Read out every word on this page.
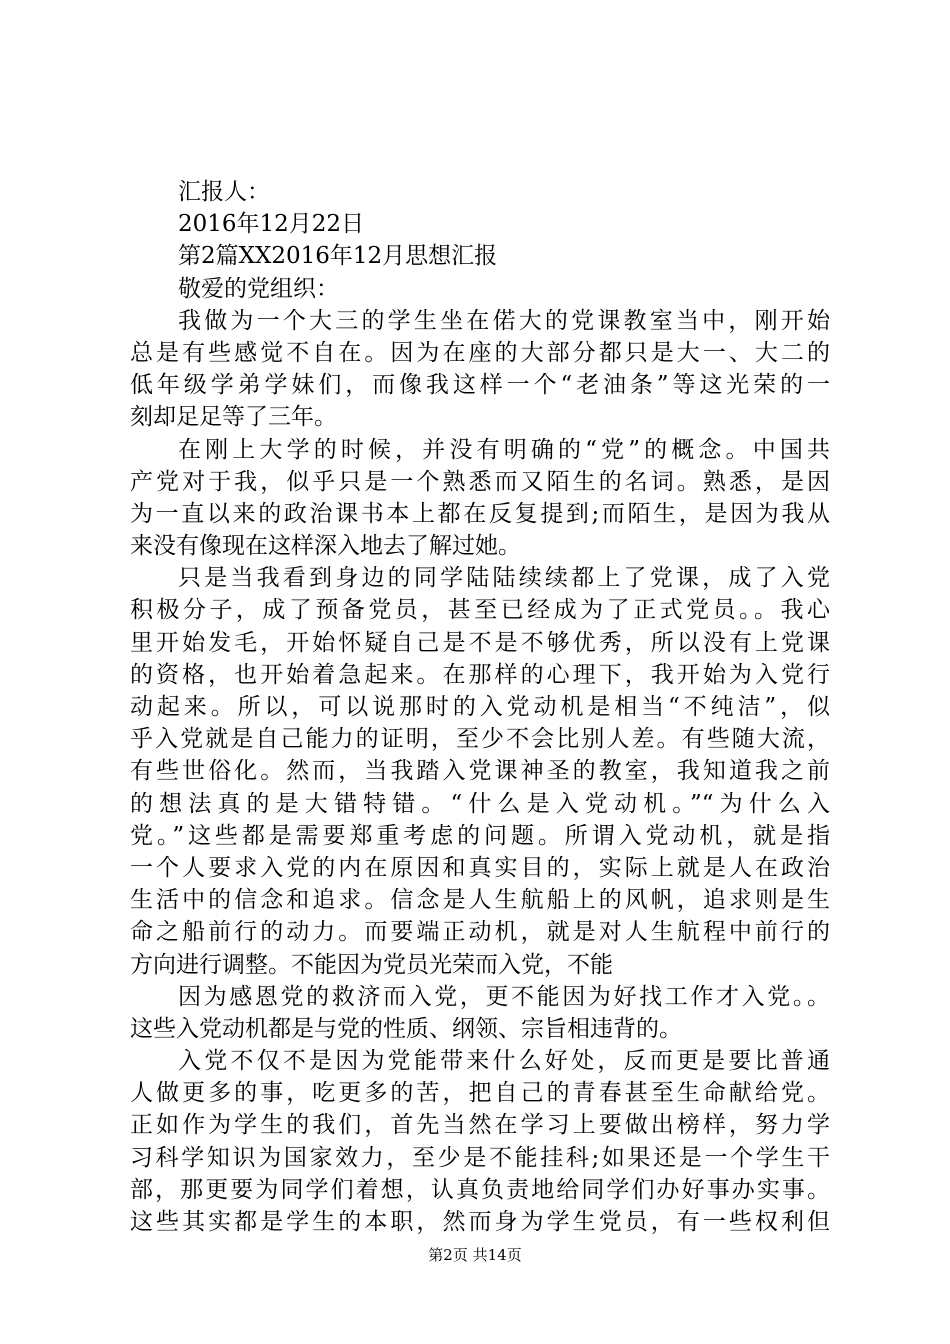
汇报人：
2016年12月22日
第2篇XX2016年12月思想汇报
敬爱的党组织：
我做为一个大三的学生坐在偌大的党课教室当中，刚开始
总是有些感觉不自在。因为在座的大部分都只是大一、大二的
低年级学弟学妹们，而像我这样一个“老油条”等这光荣的一
刻却足足等了三年。
在刚上大学的时候，并没有明确的“党”的概念。中国共
产党对于我，似乎只是一个熟悉而又陌生的名词。熟悉，是因
为一直以来的政治课书本上都在反复提到;而陌生，是因为我从
来没有像现在这样深入地去了解过她。
只是当我看到身边的同学陆陆续续都上了党课，成了入党
积极分子，成了预备党员，甚至已经成为了正式党员。。我心
里开始发毛，开始怀疑自己是不是不够优秀，所以没有上党课
的资格，也开始着急起来。在那样的心理下，我开始为入党行
动起来。所以，可以说那时的入党动机是相当“不纯洁”，似
乎入党就是自己能力的证明，至少不会比别人差。有些随大流，
有些世俗化。然而，当我踏入党课神圣的教室，我知道我之前
的想法真的是大错特错。“什么是入党动机。”“为什么入
党。”这些都是需要郑重考虑的问题。所谓入党动机，就是指
一个人要求入党的内在原因和真实目的，实际上就是人在政治
生活中的信念和追求。信念是人生航船上的风帆，追求则是生
命之船前行的动力。而要端正动机，就是对人生航程中前行的
方向进行调整。不能因为党员光荣而入党，不能
因为感恩党的救济而入党，更不能因为好找工作才入党。。
这些入党动机都是与党的性质、纲领、宗旨相违背的。
入党不仅不是因为党能带来什么好处，反而更是要比普通
人做更多的事，吃更多的苦，把自己的青春甚至生命献给党。
正如作为学生的我们，首先当然在学习上要做出榜样，努力学
习科学知识为国家效力，至少是不能挂科;如果还是一个学生干
部，那更要为同学们着想，认真负责地给同学们办好事办实事。
这些其实都是学生的本职，然而身为学生党员，有一些权利但
第2页 共14页
